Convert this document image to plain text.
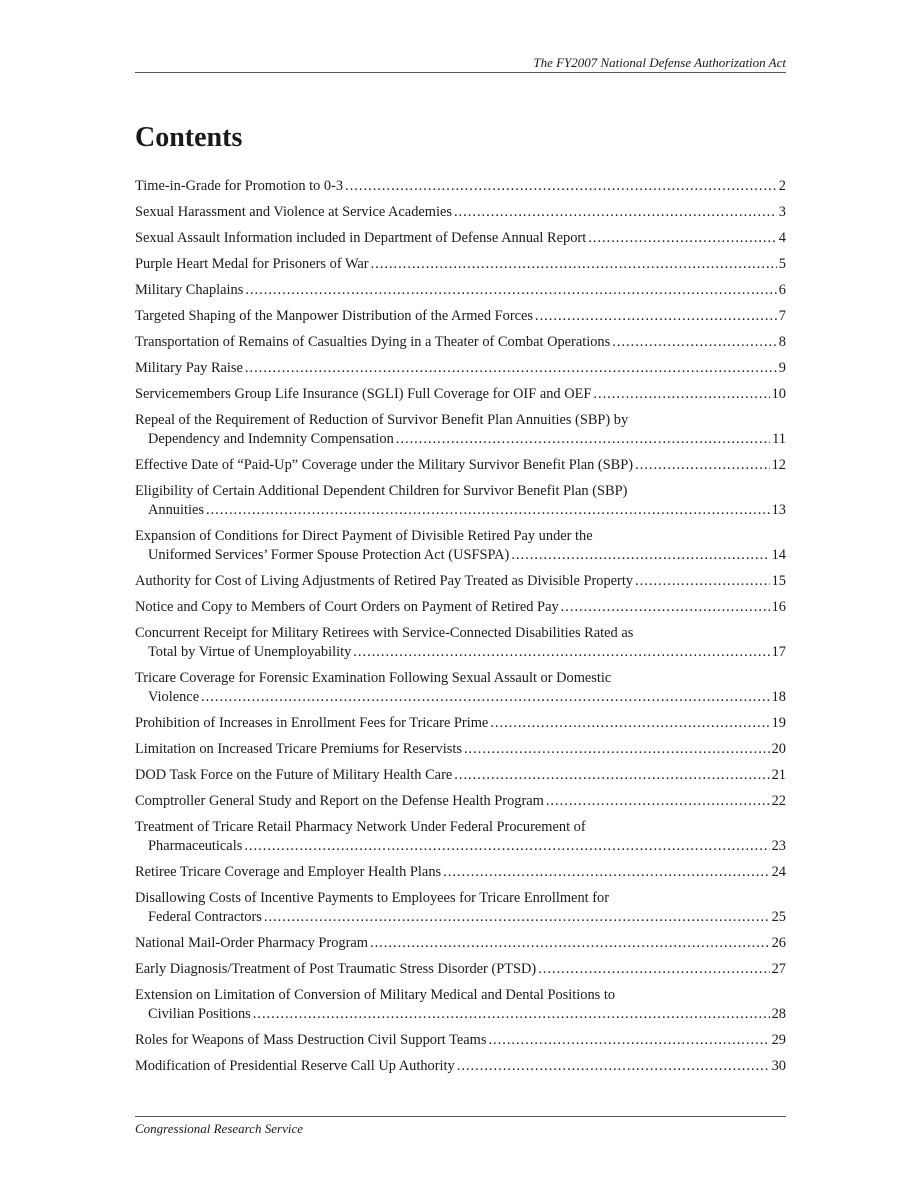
The FY2007 National Defense Authorization Act
Contents
Time-in-Grade for Promotion to 0-3 .....	2
Sexual Harassment and Violence at Service Academies .....	3
Sexual Assault Information included in Department of Defense Annual Report .....	4
Purple Heart Medal for Prisoners of War .....	5
Military Chaplains .....	6
Targeted Shaping of the Manpower Distribution of the Armed Forces .....	7
Transportation of Remains of Casualties Dying in a Theater of Combat Operations .....	8
Military Pay Raise .....	9
Servicemembers Group Life Insurance (SGLI) Full Coverage for OIF and OEF .....	10
Repeal of the Requirement of Reduction of Survivor Benefit Plan Annuities (SBP) by
Dependency and Indemnity Compensation .....	11
Effective Date of “Paid-Up” Coverage under the Military Survivor Benefit Plan (SBP) .....	12
Eligibility of Certain Additional Dependent Children for Survivor Benefit Plan (SBP)
Annuities .....	13
Expansion of Conditions for Direct Payment of Divisible Retired Pay under the
Uniformed Services’ Former Spouse Protection Act (USFSPA) .....	14
Authority for Cost of Living Adjustments of Retired Pay Treated as Divisible Property .....	15
Notice and Copy to Members of Court Orders on Payment of Retired Pay .....	16
Concurrent Receipt for Military Retirees with Service-Connected Disabilities Rated as
Total by Virtue of Unemployability .....	17
Tricare Coverage for Forensic Examination Following Sexual Assault or Domestic
Violence .....	18
Prohibition of Increases in Enrollment Fees for Tricare Prime .....	19
Limitation on Increased Tricare Premiums for Reservists .....	20
DOD Task Force on the Future of Military Health Care .....	21
Comptroller General Study and Report on the Defense Health Program .....	22
Treatment of Tricare Retail Pharmacy Network Under Federal Procurement of
Pharmaceuticals .....	23
Retiree Tricare Coverage and Employer Health Plans .....	24
Disallowing Costs of Incentive Payments to Employees for Tricare Enrollment for
Federal Contractors .....	25
National Mail-Order Pharmacy Program .....	26
Early Diagnosis/Treatment of Post Traumatic Stress Disorder (PTSD) .....	27
Extension on Limitation of Conversion of Military Medical and Dental Positions to
Civilian Positions .....	28
Roles for Weapons of Mass Destruction Civil Support Teams .....	29
Modification of Presidential Reserve Call Up Authority .....	30
Congressional Research Service
